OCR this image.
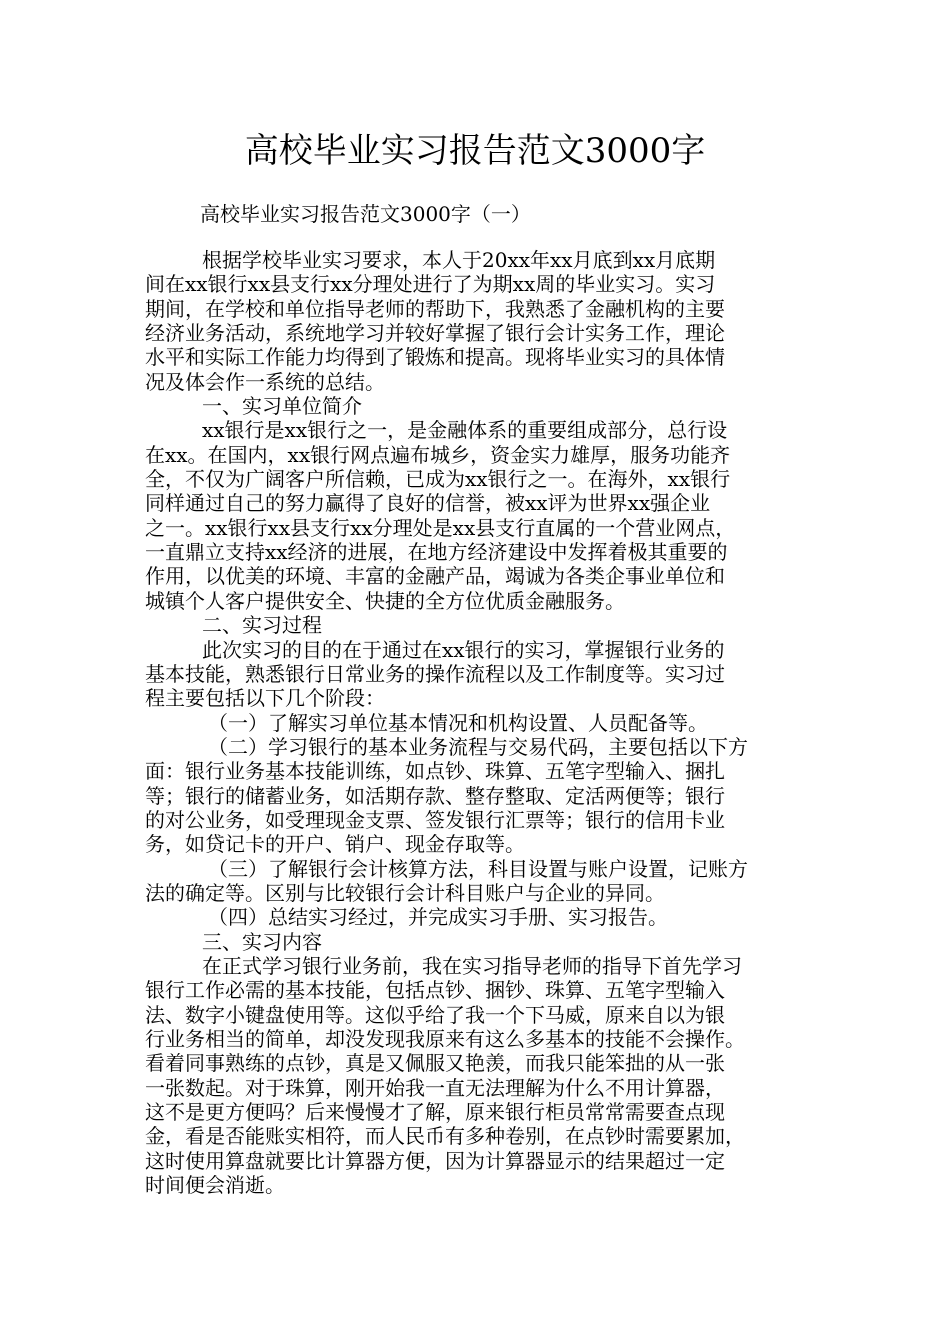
高校毕业实习报告范文3000字
高校毕业实习报告范文3000字（一）

根据学校毕业实习要求，本人于20xx年xx月底到xx月底期

间在xx银行xx县支行xx分理处进行了为期xx周的毕业实习。实习

期间，在学校和单位指导老师的帮助下，我熟悉了金融机构的主要

经济业务活动，系统地学习并较好掌握了银行会计实务工作，理论

水平和实际工作能力均得到了锻炼和提高。现将毕业实习的具体情

况及体会作一系统的总结。

一、实习单位简介

xx银行是xx银行之一，是金融体系的重要组成部分，总行设

在xx。在国内，xx银行网点遍布城乡，资金实力雄厚，服务功能齐

全，不仅为广阔客户所信赖，已成为xx银行之一。在海外，xx银行

同样通过自己的努力赢得了良好的信誉，被xx评为世界xx强企业

之一。xx银行xx县支行xx分理处是xx县支行直属的一个营业网点，

一直鼎立支持xx经济的进展，在地方经济建设中发挥着极其重要的

作用，以优美的环境、丰富的金融产品，竭诚为各类企事业单位和

城镇个人客户提供安全、快捷的全方位优质金融服务。

二、实习过程

此次实习的目的在于通过在xx银行的实习，掌握银行业务的

基本技能，熟悉银行日常业务的操作流程以及工作制度等。实习过

程主要包括以下几个阶段：

（一）了解实习单位基本情况和机构设置、人员配备等。

（二）学习银行的基本业务流程与交易代码，主要包括以下方

面：银行业务基本技能训练，如点钞、珠算、五笔字型输入、捆扎

等；银行的储蓄业务，如活期存款、整存整取、定活两便等；银行

的对公业务，如受理现金支票、签发银行汇票等；银行的信用卡业

务，如贷记卡的开户、销户、现金存取等。

（三）了解银行会计核算方法，科目设置与账户设置，记账方

法的确定等。区别与比较银行会计科目账户与企业的异同。

（四）总结实习经过，并完成实习手册、实习报告。

三、实习内容

在正式学习银行业务前，我在实习指导老师的指导下首先学习

银行工作必需的基本技能，包括点钞、捆钞、珠算、五笔字型输入

法、数字小键盘使用等。这似乎给了我一个下马威，原来自以为银

行业务相当的简单，却没发现我原来有这么多基本的技能不会操作。

看着同事熟练的点钞，真是又佩服又艳羡，而我只能笨拙的从一张

一张数起。对于珠算，刚开始我一直无法理解为什么不用计算器，

这不是更方便吗？后来慢慢才了解，原来银行柜员常常需要查点现

金，看是否能账实相符，而人民币有多种卷别，在点钞时需要累加，

这时使用算盘就要比计算器方便，因为计算器显示的结果超过一定

时间便会消逝。
